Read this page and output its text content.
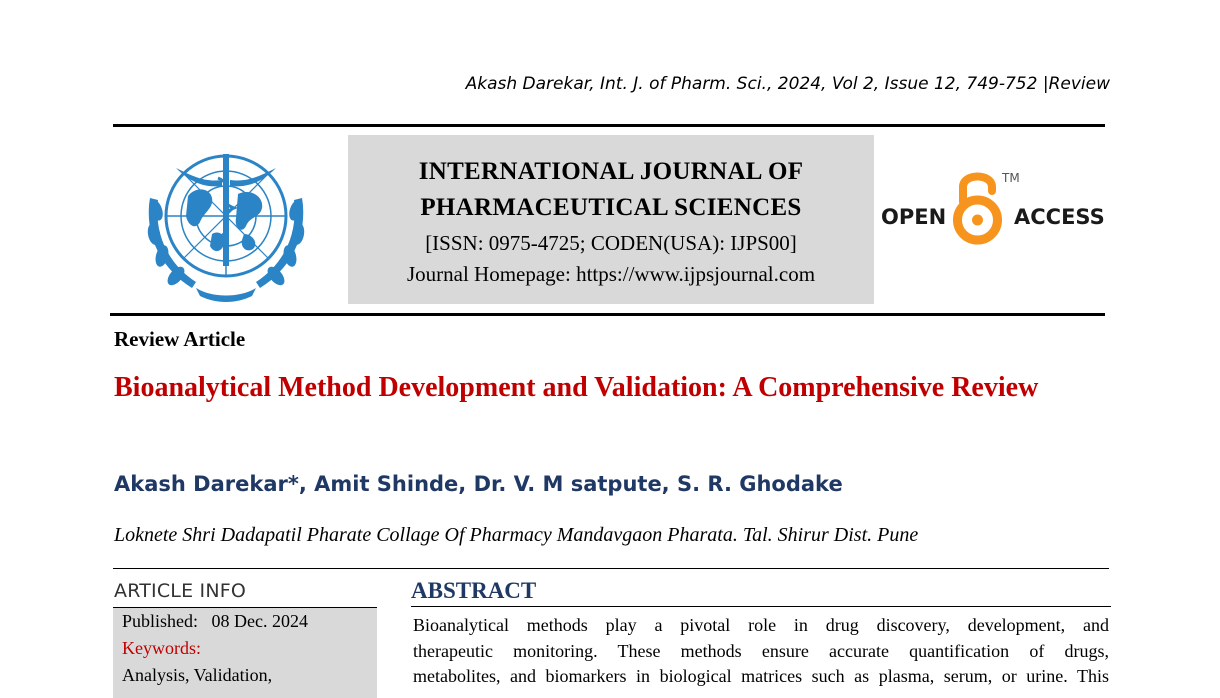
Akash Darekar, Int. J. of Pharm. Sci., 2024, Vol 2, Issue 12, 749-752 |Review
INTERNATIONAL JOURNAL OF
PHARMACEUTICAL SCIENCES
[ISSN: 0975-4725; CODEN(USA): IJPS00]
Journal Homepage: https://www.ijpsjournal.com
OPEN	ACCESS
TM
Review Article
Bioanalytical Method Development and Validation: A Comprehensive Review
Akash Darekar*, Amit Shinde, Dr. V. M satpute, S. R. Ghodake
Loknete Shri Dadapatil Pharate Collage Of Pharmacy Mandavgaon Pharata. Tal. Shirur Dist. Pune
ARTICLE INFO
Published:   08 Dec. 2024
Keywords:
Analysis, Validation,
ABSTRACT
Bioanalytical methods play a pivotal role in drug discovery, development, and
therapeutic monitoring. These methods ensure accurate quantification of drugs,
metabolites, and biomarkers in biological matrices such as plasma, serum, or urine. This
